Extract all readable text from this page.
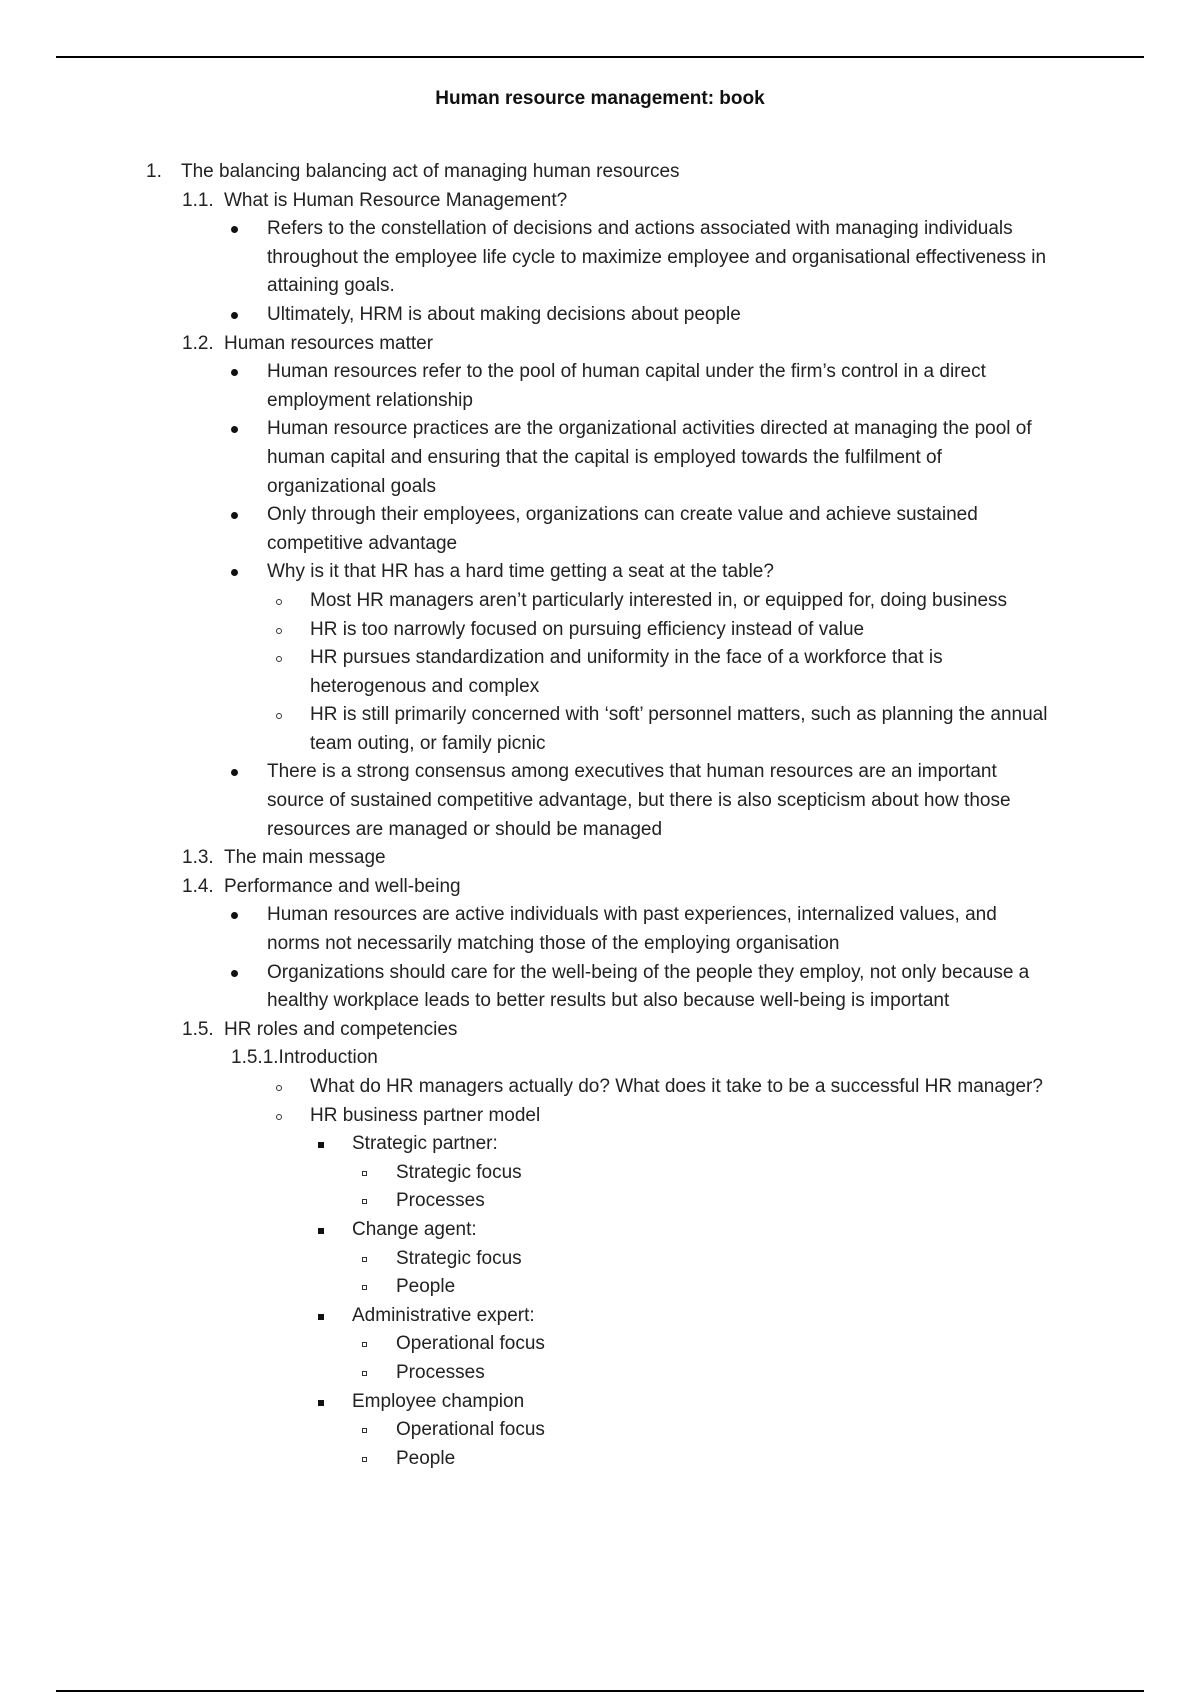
Human resource management: book
1. The balancing balancing act of managing human resources
1.1. What is Human Resource Management?
Refers to the constellation of decisions and actions associated with managing individuals throughout the employee life cycle to maximize employee and organisational effectiveness in attaining goals.
Ultimately, HRM is about making decisions about people
1.2. Human resources matter
Human resources refer to the pool of human capital under the firm’s control in a direct employment relationship
Human resource practices are the organizational activities directed at managing the pool of human capital and ensuring that the capital is employed towards the fulfilment of organizational goals
Only through their employees, organizations can create value and achieve sustained competitive advantage
Why is it that HR has a hard time getting a seat at the table?
Most HR managers aren’t particularly interested in, or equipped for, doing business
HR is too narrowly focused on pursuing efficiency instead of value
HR pursues standardization and uniformity in the face of a workforce that is heterogenous and complex
HR is still primarily concerned with ‘soft’ personnel matters, such as planning the annual team outing, or family picnic
There is a strong consensus among executives that human resources are an important source of sustained competitive advantage, but there is also scepticism about how those resources are managed or should be managed
1.3. The main message
1.4. Performance and well-being
Human resources are active individuals with past experiences, internalized values, and norms not necessarily matching those of the employing organisation
Organizations should care for the well-being of the people they employ, not only because a healthy workplace leads to better results but also because well-being is important
1.5. HR roles and competencies
1.5.1. Introduction
What do HR managers actually do? What does it take to be a successful HR manager?
HR business partner model
Strategic partner:
Strategic focus
Processes
Change agent:
Strategic focus
People
Administrative expert:
Operational focus
Processes
Employee champion
Operational focus
People
